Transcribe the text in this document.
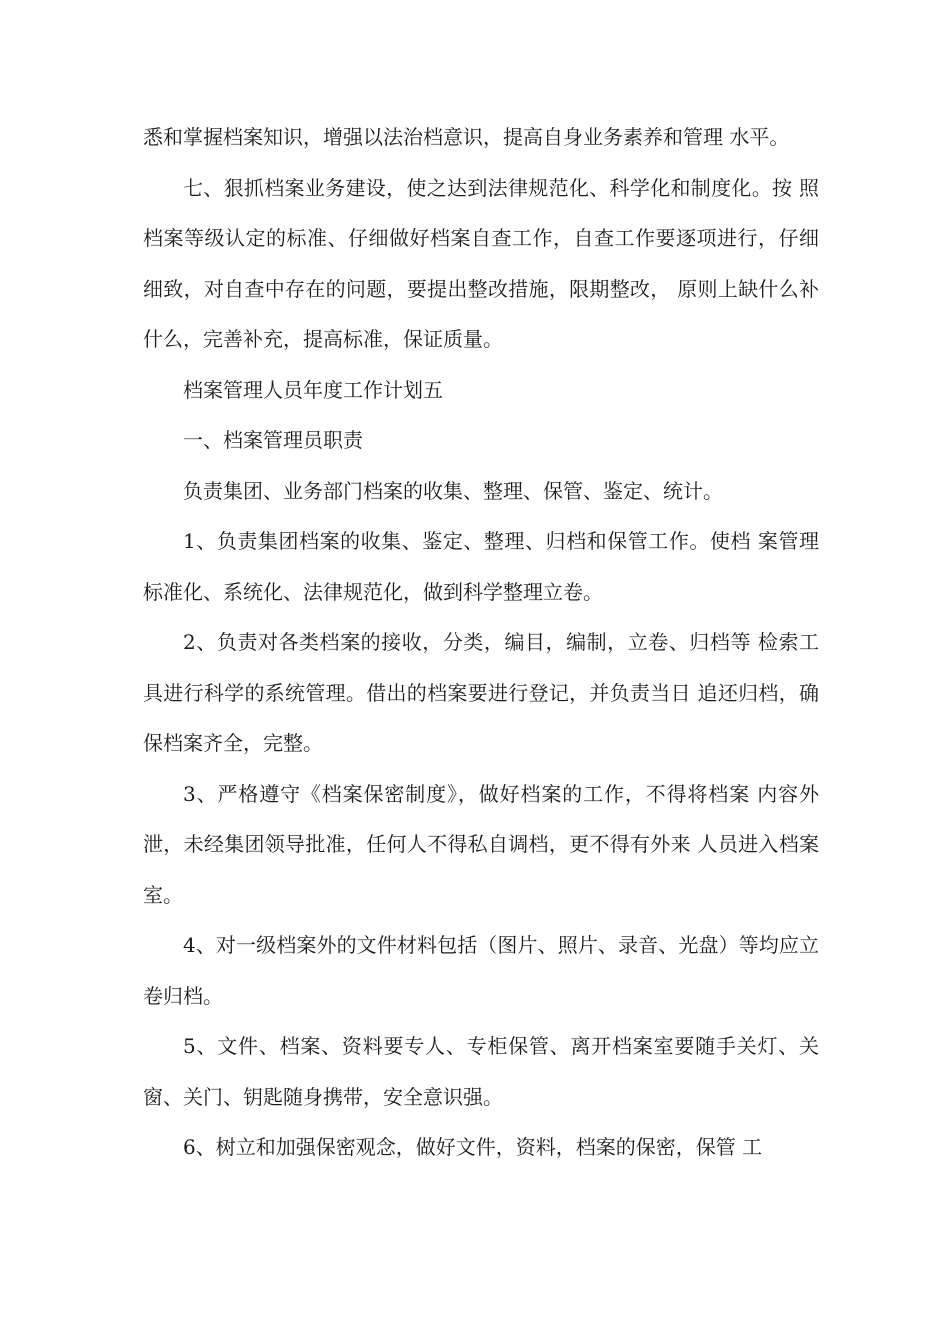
悉和掌握档案知识，增强以法治档意识，提高自身业务素养和管理 水平。

七、狠抓档案业务建设，使之达到法律规范化、科学化和制度化。按 照档案等级认定的标准、仔细做好档案自查工作，自查工作要逐项进行，仔细细致，对自查中存在的问题，要提出整改措施，限期整改， 原则上缺什么补什么，完善补充，提高标准，保证质量。

档案管理人员年度工作计划五

一、档案管理员职责

负责集团、业务部门档案的收集、整理、保管、鉴定、统计。

1、负责集团档案的收集、鉴定、整理、归档和保管工作。使档 案管理标准化、系统化、法律规范化，做到科学整理立卷。

2、负责对各类档案的接收，分类，编目，编制，立卷、归档等 检索工具进行科学的系统管理。借出的档案要进行登记，并负责当日 追还归档，确保档案齐全，完整。

3、严格遵守《档案保密制度》，做好档案的工作，不得将档案 内容外泄，未经集团领导批准，任何人不得私自调档，更不得有外来 人员进入档案室。

4、对一级档案外的文件材料包括（图片、照片、录音、光盘）等均应立卷归档。

5、文件、档案、资料要专人、专柜保管、离开档案室要随手关灯、关窗、关门、钥匙随身携带，安全意识强。

6、树立和加强保密观念，做好文件，资料，档案的保密，保管 工
